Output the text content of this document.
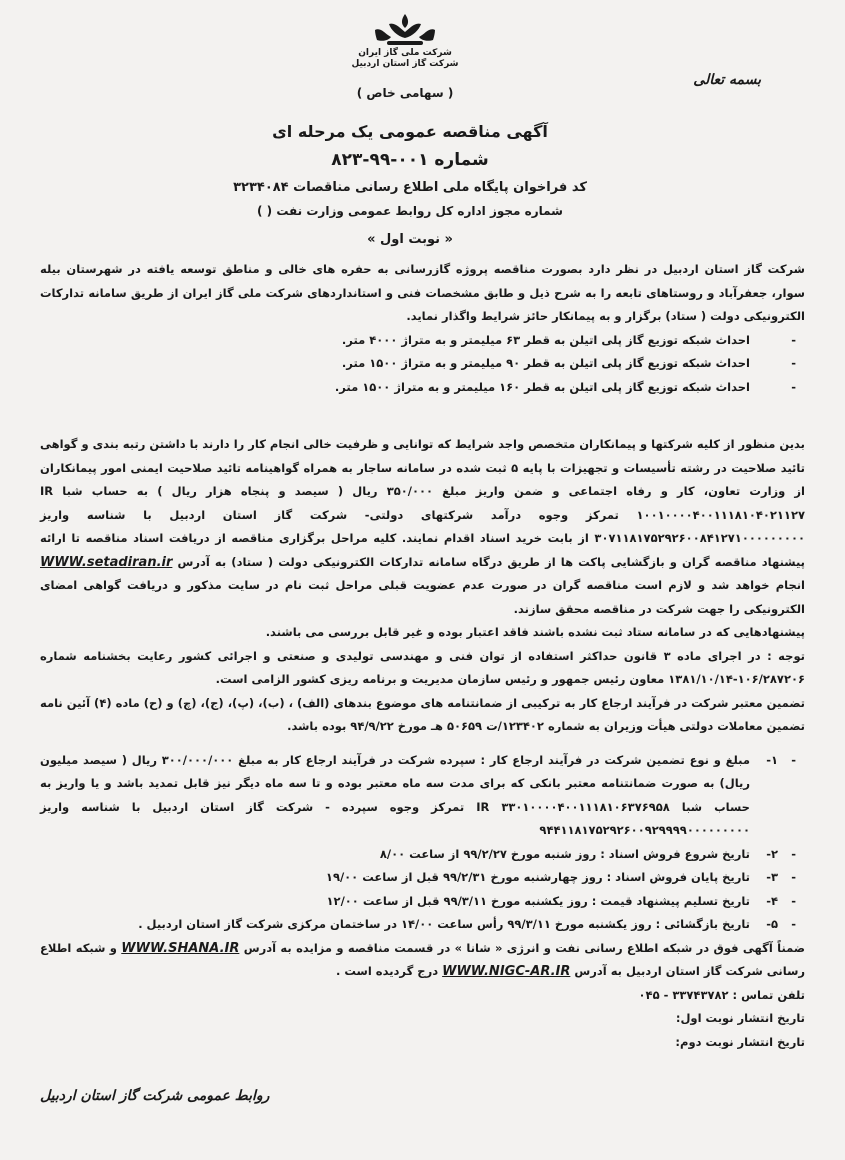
شرکت ملی گاز ایران
شرکت گاز استان اردبیل
( سهامی خاص )
بسمه تعالی
آگهی مناقصه عمومی یک مرحله ای
شماره ۰۰۱-۹۹-۸۲۳
کد فراخوان پایگاه ملی اطلاع رسانی مناقصات ۳۲۳۴۰۸۴
شماره مجوز اداره کل روابط عمومی وزارت نفت ( )
« نوبت اول »

شرکت گاز استان اردبیل در نظر دارد بصورت مناقصه پروژه گازرسانی به حفره های خالی و مناطق توسعه یافته در شهرستان بیله سوار، جعفرآباد و روستاهای تابعه را به شرح ذیل و طابق مشخصات فنی و استانداردهای شرکت ملی گاز ایران از طریق سامانه تدارکات الکترونیکی دولت ( ستاد) برگزار و به پیمانکار حائز شرایط واگذار نماید.

- احداث شبکه توزیع گاز پلی اتیلن به قطر ۶۳ میلیمتر و به متراژ ۴۰۰۰ متر.
- احداث شبکه توزیع گاز پلی اتیلن به قطر ۹۰ میلیمتر و به متراژ ۱۵۰۰ متر.
- احداث شبکه توزیع گاز پلی اتیلن به قطر ۱۶۰ میلیمتر و به متراژ ۱۵۰۰ متر.

بدین منظور از کلیه شرکتها و پیمانکاران متخصص واجد شرایط که توانایی و ظرفیت خالی انجام کار را دارند با داشتن رتبه بندی و گواهی تائید صلاحیت در رشته تأسیسات و تجهیزات با پایه ۵ ثبت شده در سامانه ساجار به همراه گواهینامه تائید صلاحیت ایمنی امور پیمانکاران از وزارت تعاون، کار و رفاه اجتماعی و ضمن واریز مبلغ ۳۵۰/۰۰۰ ریال ( سیصد و پنجاه هزار ریال ) به حساب شبا IR ۱۰۰۱۰۰۰۰۴۰۰۱۱۱۸۱۰۴۰۲۱۱۲۷ تمرکز وجوه درآمد شرکتهای دولتی- شرکت گاز استان اردبیل با شناسه واریز ۳۰۷۱۱۸۱۷۵۲۹۲۶۰۰۸۴۱۲۷۱۰۰۰۰۰۰۰۰۰ از بابت خرید اسناد اقدام نمایند. کلیه مراحل برگزاری مناقصه از دریافت اسناد مناقصه تا ارائه پیشنهاد مناقصه گران و بازگشایی پاکت ها از طریق درگاه سامانه تدارکات الکترونیکی دولت ( ستاد) به آدرس WWW.setadiran.ir انجام خواهد شد و لازم است مناقصه گران در صورت عدم عضویت قبلی مراحل ثبت نام در سایت مذکور و دریافت گواهی امضای الکترونیکی را جهت شرکت در مناقصه محقق سازند.

پیشنهادهایی که در سامانه ستاد ثبت نشده باشند فاقد اعتبار بوده و غیر قابل بررسی می باشند.

توجه : در اجرای ماده ۳ قانون حداکثر استفاده از توان فنی و مهندسی تولیدی و صنعتی و اجرائی کشور رعایت بخشنامه شماره ۱۰۶/۲۸۷۲۰۶-۱۳۸۱/۱۰/۱۴ معاون رئیس جمهور و رئیس سازمان مدیریت و برنامه ریزی کشور الزامی است.

تضمین معتبر شرکت در فرآیند ارجاع کار به ترکیبی از ضمانتنامه های موضوع بندهای (الف) ، (ب)، (پ)، (ج)، (چ) و (ح) ماده (۴) آئین نامه تضمین معاملات دولتی هیأت وزیران به شماره ۱۲۳۴۰۲/ت ۵۰۶۵۹ هـ مورخ ۹۴/۹/۲۲ بوده باشد.

- ۱-
مبلغ و نوع تضمین شرکت در فرآیند ارجاع کار : سپرده شرکت در فرآیند ارجاع کار به مبلغ ۳۰۰/۰۰۰/۰۰۰ ریال ( سیصد میلیون ریال) به صورت ضمانتنامه معتبر بانکی که برای مدت سه ماه معتبر بوده و تا سه ماه دیگر نیز قابل تمدید باشد و یا واریز به حساب شبا IR ۳۳۰۱۰۰۰۰۴۰۰۱۱۱۸۱۰۶۳۷۶۹۵۸ تمرکز وجوه سپرده - شرکت گاز استان اردبیل با شناسه واریز ۹۴۴۱۱۸۱۷۵۲۹۲۶۰۰۹۲۹۹۹۹۰۰۰۰۰۰۰۰۰
- ۲-
تاریخ شروع فروش اسناد : روز شنبه مورخ ۹۹/۲/۲۷ از ساعت ۸/۰۰
- ۳-
تاریخ پایان فروش اسناد : روز چهارشنبه مورخ ۹۹/۲/۳۱ قبل از ساعت ۱۹/۰۰
- ۴-
تاریخ تسلیم پیشنهاد قیمت : روز یکشنبه مورخ ۹۹/۳/۱۱ قبل از ساعت ۱۲/۰۰
- ۵-
تاریخ بازگشائی : روز یکشنبه مورخ ۹۹/۳/۱۱ رأس ساعت ۱۴/۰۰ در ساختمان مرکزی شرکت گاز استان اردبیل .

ضمناً آگهی فوق در شبکه اطلاع رسانی نفت و انرژی « شانا » در قسمت مناقصه و مزایده به آدرس WWW.SHANA.IR و شبکه اطلاع رسانی شرکت گاز استان اردبیل به آدرس WWW.NIGC-AR.IR درج گردیده است .

تلفن تماس : ۳۳۷۴۳۷۸۲ - ۰۴۵

تاریخ انتشار نوبت اول:

تاریخ انتشار نوبت دوم:

روابط عمومی شرکت گاز استان اردبیل
